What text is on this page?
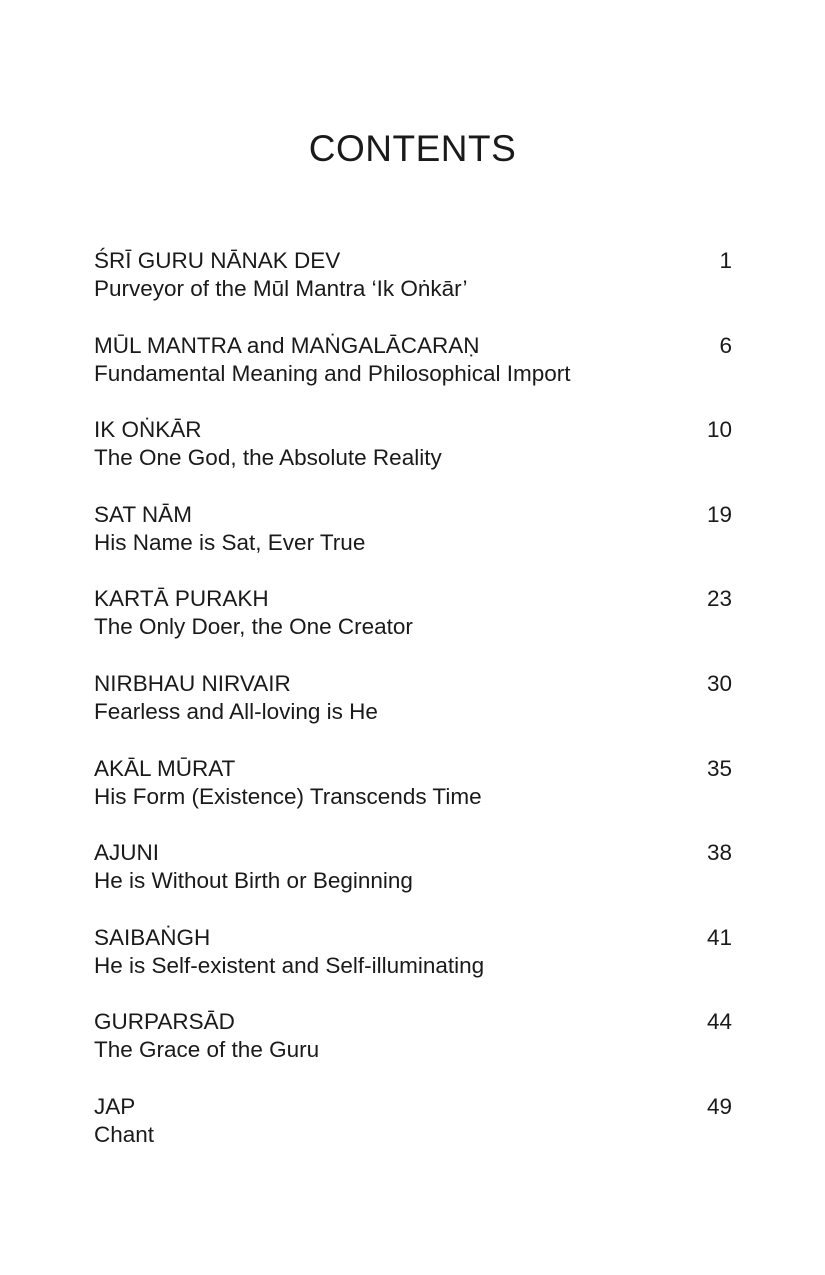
CONTENTS
ŚRĪ GURU NĀNAK DEV
Purveyor of the Mūl Mantra ‘Ik Oṅkār’
1
MŪL MANTRA and MAṄGALĀCARAṆ
Fundamental Meaning and Philosophical Import
6
IK OṄKĀR
The One God, the Absolute Reality
10
SAT NĀM
His Name is Sat, Ever True
19
KARTĀ PURAKH
The Only Doer, the One Creator
23
NIRBHAU NIRVAIR
Fearless and All-loving is He
30
AKĀL MŪRAT
His Form (Existence) Transcends Time
35
AJUNI
He is Without Birth or Beginning
38
SAIBAṄGH
He is Self-existent and Self-illuminating
41
GURPARSĀD
The Grace of the Guru
44
JAP
Chant
49
